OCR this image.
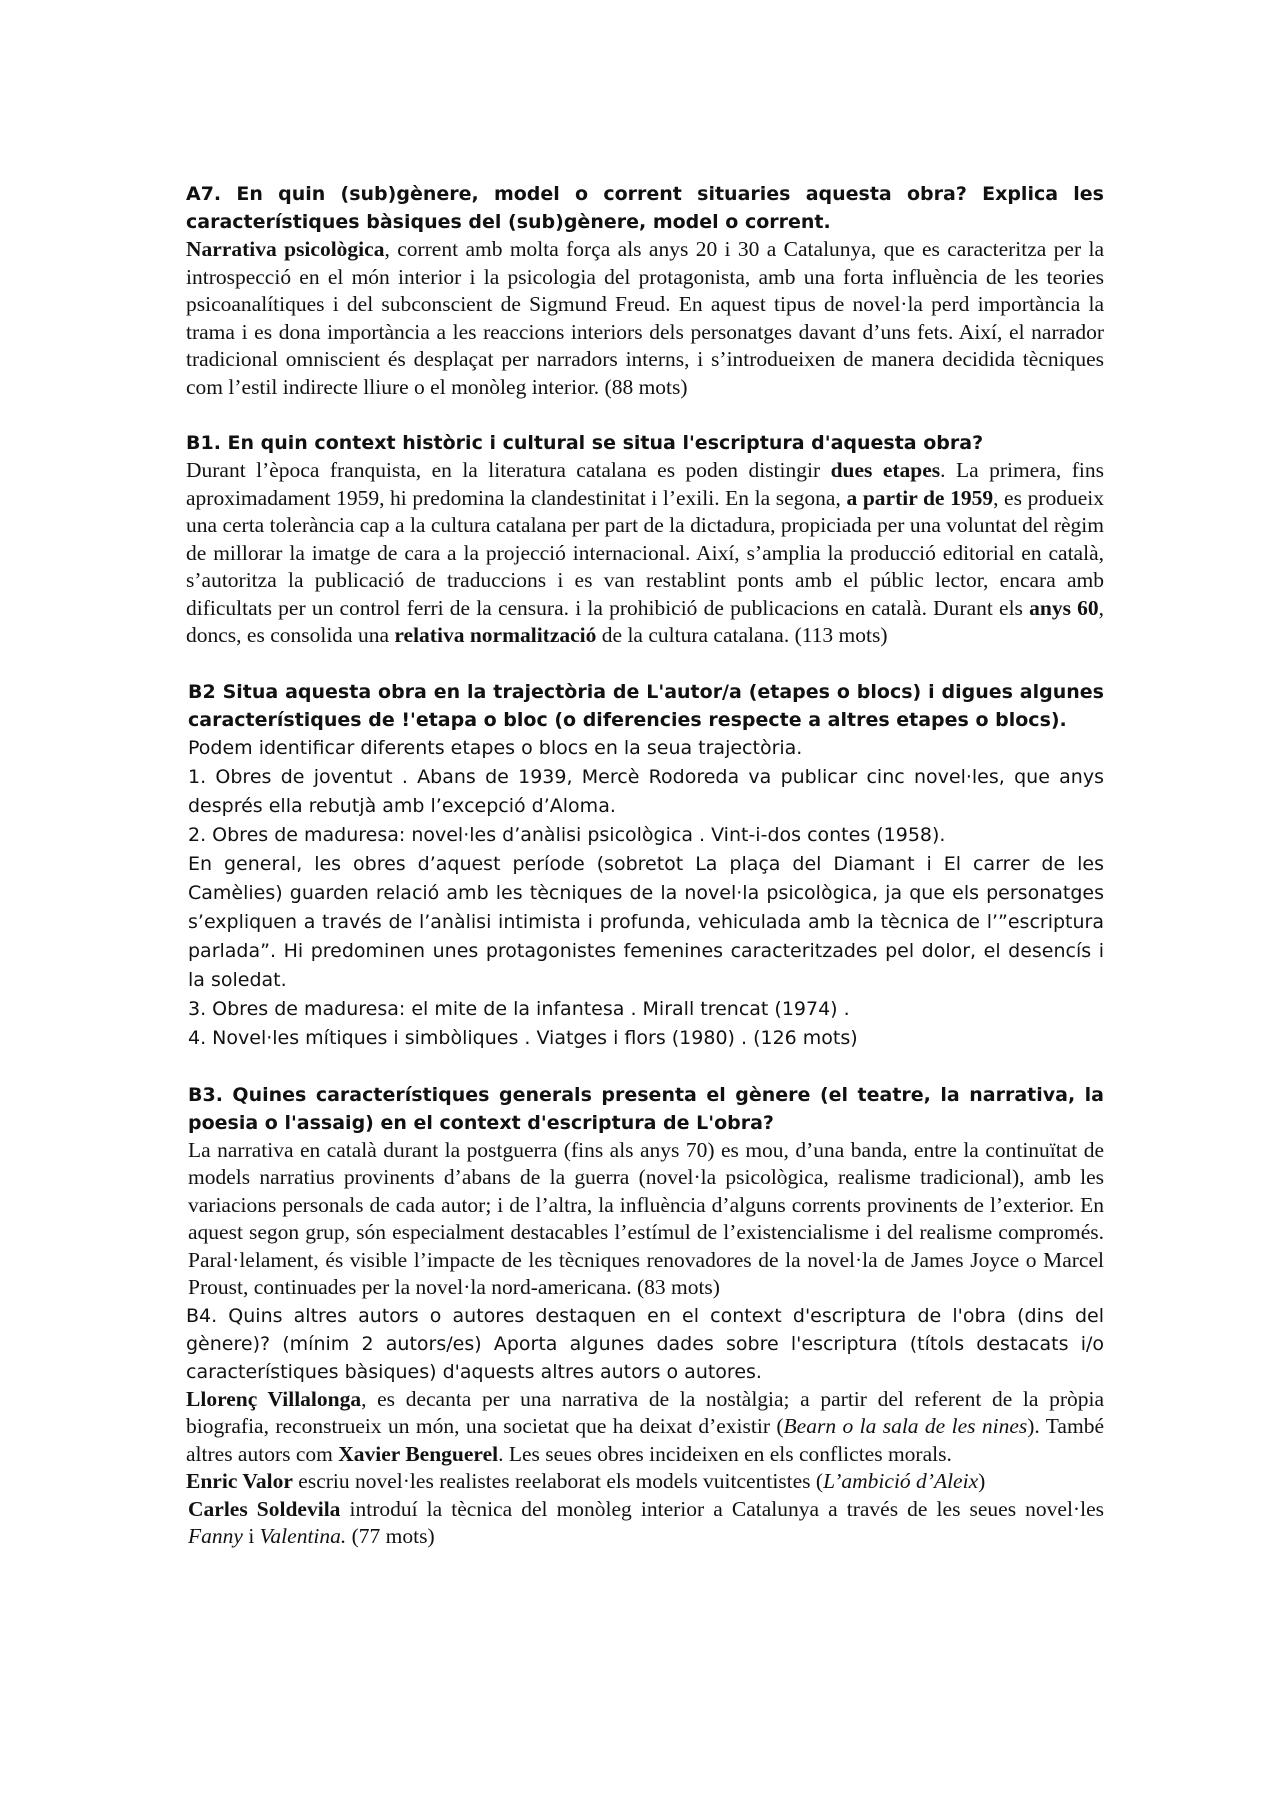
A7. En quin (sub)gènere, model o corrent situaries aquesta obra? Explica les característiques bàsiques del (sub)gènere, model o corrent.

Narrativa psicològica, corrent amb molta força als anys 20 i 30 a Catalunya, que es caracteritza per la introspecció en el món interior i la psicologia del protagonista, amb una forta influència de les teories psicoanalítiques i del subconscient de Sigmund Freud. En aquest tipus de novel·la perd importància la trama i es dona importància a les reaccions interiors dels personatges davant d’uns fets. Així, el narrador tradicional omniscient és desplaçat per narradors interns, i s’introdueixen de manera decidida tècniques com l’estil indirecte lliure o el monòleg interior. (88 mots)

B1. En quin context històric i cultural se situa l'escriptura d'aquesta obra?

Durant l’època franquista, en la literatura catalana es poden distingir dues etapes. La primera, fins aproximadament 1959, hi predomina la clandestinitat i l’exili. En la segona, a partir de 1959, es produeix una certa tolerància cap a la cultura catalana per part de la dictadura, propiciada per una voluntat del règim de millorar la imatge de cara a la projecció internacional. Així, s’amplia la producció editorial en català, s’autoritza la publicació de traduccions i es van restablint ponts amb el públic lector, encara amb dificultats per un control ferri de la censura. i la prohibició de publicacions en català. Durant els anys 60, doncs, es consolida una relativa normalització de la cultura catalana. (113 mots)

B2 Situa aquesta obra en la trajectòria de L'autor/a (etapes o blocs) i digues algunes característiques de !'etapa o bloc (o diferencies respecte a altres etapes o blocs).

Podem identificar diferents etapes o blocs en la seua trajectòria.

1. Obres de joventut . Abans de 1939, Mercè Rodoreda va publicar cinc novel·les, que anys després ella rebutjà amb l’excepció d’Aloma.

2. Obres de maduresa: novel·les d’anàlisi psicològica . Vint-i-dos contes (1958).

En general, les obres d’aquest període (sobretot La plaça del Diamant i El carrer de les Camèlies) guarden relació amb les tècniques de la novel·la psicològica, ja que els personatges s’expliquen a través de l’anàlisi intimista i profunda, vehiculada amb la tècnica de l’”escriptura parlada”. Hi predominen unes protagonistes femenines caracteritzades pel dolor, el desencís i la soledat.

3. Obres de maduresa: el mite de la infantesa . Mirall trencat (1974) .

4. Novel·les mítiques i simbòliques . Viatges i flors (1980) . (126 mots)

B3. Quines característiques generals presenta el gènere (el teatre, la narrativa, la poesia o l'assaig) en el context d'escriptura de L'obra?

La narrativa en català durant la postguerra (fins als anys 70) es mou, d’una banda, entre la continuïtat de models narratius provinents d’abans de la guerra (novel·la psicològica, realisme tradicional), amb les variacions personals de cada autor; i de l’altra, la influència d’alguns corrents provinents de l’exterior. En aquest segon grup, són especialment destacables l’estímul de l’existencialisme i del realisme compromés. Paral·lelament, és visible l’impacte de les tècniques renovadores de la novel·la de James Joyce o Marcel Proust, continuades per la novel·la nord-americana. (83 mots)

B4. Quins altres autors o autores destaquen en el context d'escriptura de l'obra (dins del gènere)? (mínim 2 autors/es) Aporta algunes dades sobre l'escriptura (títols destacats i/o característiques bàsiques) d'aquests altres autors o autores.

Llorenç Villalonga, es decanta per una narrativa de la nostàlgia; a partir del referent de la pròpia biografia, reconstrueix un món, una societat que ha deixat d’existir (Bearn o la sala de les nines). També altres autors com Xavier Benguerel. Les seues obres incideixen en els conflictes morals.

Enric Valor escriu novel·les realistes reelaborat els models vuitcentistes (L’ambició d’Aleix)

Carles Soldevila introduí la tècnica del monòleg interior a Catalunya a través de les seues novel·les Fanny i Valentina. (77 mots)
